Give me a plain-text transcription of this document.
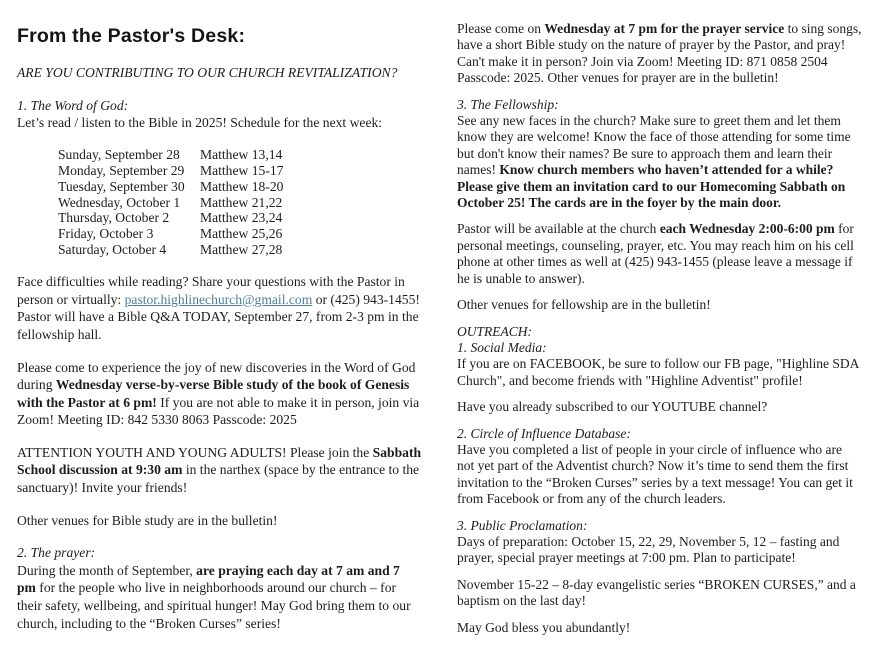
From the Pastor's Desk:

ARE YOU CONTRIBUTING TO OUR CHURCH REVITALIZATION?

1. The Word of God:

Let’s read / listen to the Bible in 2025! Schedule for the next week:

Sunday, September 28	Matthew 13,14
Monday, September 29	Matthew 15-17
Tuesday, September 30	Matthew 18-20
Wednesday, October 1	Matthew 21,22
Thursday, October 2	Matthew 23,24
Friday, October 3	Matthew 25,26
Saturday, October 4	Matthew 27,28

Face difficulties while reading? Share your questions with the Pastor in person or virtually: pastor.highlinechurch@gmail.com or (425) 943-1455! Pastor will have a Bible Q&A TODAY, September 27, from 2-3 pm in the fellowship hall.

Please come to experience the joy of new discoveries in the Word of God during Wednesday verse-by-verse Bible study of the book of Genesis with the Pastor at 6 pm! If you are not able to make it in person, join via Zoom! Meeting ID: 842 5330 8063 Passcode: 2025

ATTENTION YOUTH AND YOUNG ADULTS! Please join the Sabbath School discussion at 9:30 am in the narthex (space by the entrance to the sanctuary)! Invite your friends!

Other venues for Bible study are in the bulletin!

2. The prayer:

During the month of September, are praying each day at 7 am and 7 pm for the people who live in neighborhoods around our church – for their safety, wellbeing, and spiritual hunger! May God bring them to our church, including to the “Broken Curses” series!

Please come on Wednesday at 7 pm for the prayer service to sing songs, have a short Bible study on the nature of prayer by the Pastor, and pray! Can't make it in person? Join via Zoom! Meeting ID: 871 0858 2504 Passcode: 2025. Other venues for prayer are in the bulletin!

3. The Fellowship:

See any new faces in the church? Make sure to greet them and let them know they are welcome! Know the face of those attending for some time but don't know their names? Be sure to approach them and learn their names! Know church members who haven’t attended for a while? Please give them an invitation card to our Homecoming Sabbath on October 25! The cards are in the foyer by the main door.

Pastor will be available at the church each Wednesday 2:00-6:00 pm for personal meetings, counseling, prayer, etc. You may reach him on his cell phone at other times as well at (425) 943-1455 (please leave a message if he is unable to answer).

Other venues for fellowship are in the bulletin!

OUTREACH:

1. Social Media:

If you are on FACEBOOK, be sure to follow our FB page, "Highline SDA Church", and become friends with "Highline Adventist" profile!

Have you already subscribed to our YOUTUBE channel?

2. Circle of Influence Database:

Have you completed a list of people in your circle of influence who are not yet part of the Adventist church? Now it’s time to send them the first invitation to the “Broken Curses” series by a text message! You can get it from Facebook or from any of the church leaders.

3. Public Proclamation:

Days of preparation: October 15, 22, 29, November 5, 12 – fasting and prayer, special prayer meetings at 7:00 pm. Plan to participate!

November 15-22 – 8-day evangelistic series “BROKEN CURSES,” and a baptism on the last day!

May God bless you abundantly!
